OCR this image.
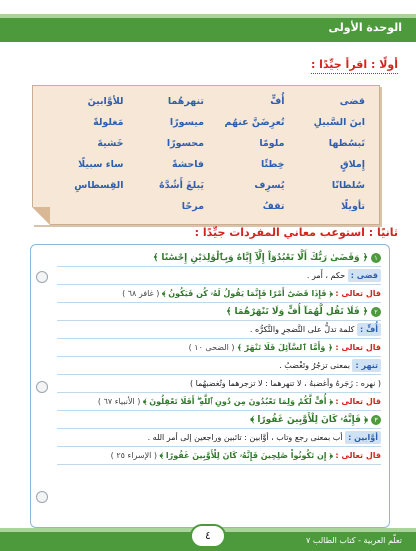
الوحدة الأولى
أولًا : اقرأ جيِّدًا :
قضى
أُفٍّ
تنهرهُما
للأوَّابينَ
ابنَ السَّبيلِ
تُعرِضَنَّ عنهُم
ميسورًا
مَغلولةً
تَبسُطها
ملومًا
محسورًا
خَشيةَ
إِملاقٍ
خِطئًا
فاحشةً
ساء سبيلًا
سُلطانًا
يُسرِف
يَبلغَ أَشُدَّهُ
القِسطاسِ
تأويلًا
تقفُ
مرحًا
ثانيًا : استوعب معاني المفردات جيِّدًا :
١﴿ وَقَضَىٰ رَبُّكَ أَلَّا تَعْبُدُوٓاْ إِلَّآ إِيَّاهُ وَبِٱلْوَٰلِدَيْنِ إِحْسَٰنًا ﴾
قضى : حكم ، أَمر .
قال تعالى : ﴿ فَإِذَا قَضَىٰٓ أَمْرًا فَإِنَّمَا يَقُولُ لَهُۥ كُن فَيَكُونُ ﴾ ( غافر ٦٨ )
٢﴿ فَلَا تَقُل لَّهُمَآ أُفٍّ وَلَا تَنْهَرْهُمَا ﴾
أُفٍّ : كلمة تدلُّ على التَّضجرِ والتَّكرُّه .
قال تعالى : ﴿ وَأَمَّا ٱلسَّآئِلَ فَلَا تَنْهَرْ ﴾ ( الضحى ١٠ )
تنهر : بمعنى تزجُرُ وتَغْضبُ .
( نهره : زَجَرهُ وأغضبهُ ، لا تنهرهما : لا تزجرهما وتُغضبهُما )
قال تعالى : ﴿ أُفٍّ لَّكُمْ وَلِمَا تَعْبُدُونَ مِن دُونِ ٱللَّهِ ۖ أَفَلَا تَعْقِلُونَ ﴾ ( الأنبياء ٦٧ )
٣﴿ فَإِنَّهُۥ كَانَ لِلْأَوَّٰبِينَ غَفُورًا ﴾
أوَّابين : أب بمعنى رجع وتاب ، أوَّابين : تائبين وراجعين إلى أمر الله .
قال تعالى : ﴿ إِن تَكُونُواْ صَٰلِحِينَ فَإِنَّهُۥ كَانَ لِلْأَوَّٰبِينَ غَفُورًا ﴾ ( الإسراء ٢٥ )
تعلّم العربية - كتاب الطالب ٧
٤
